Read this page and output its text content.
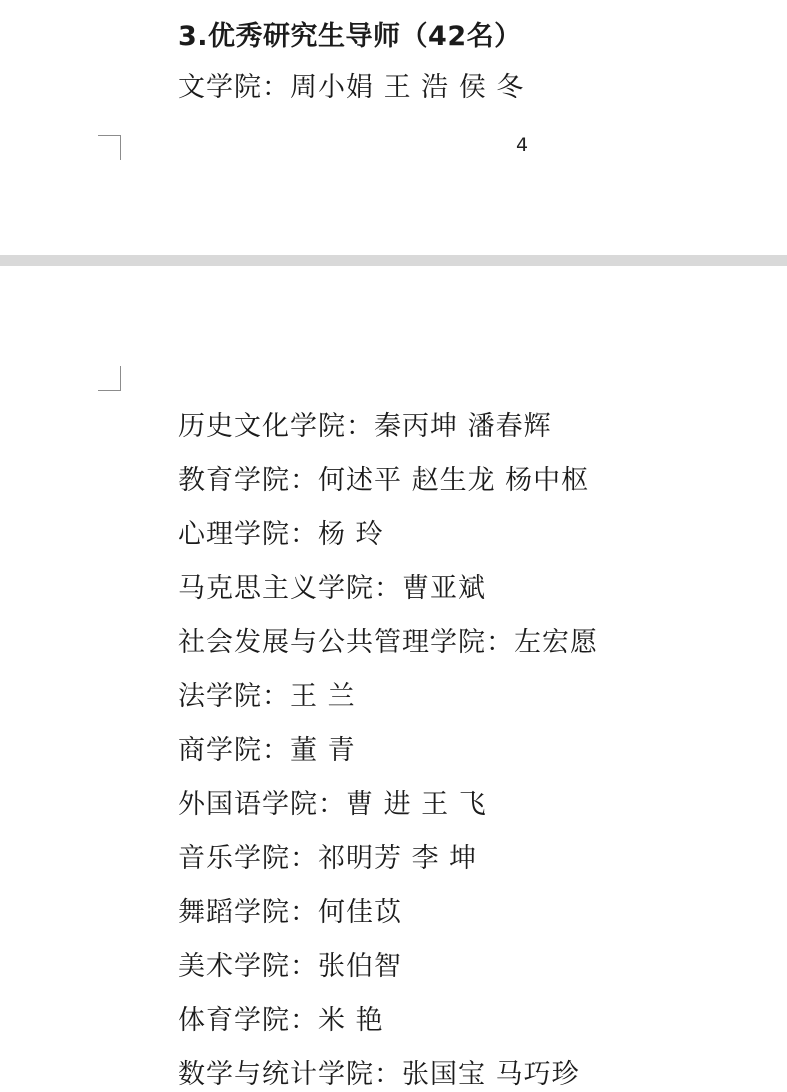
3.优秀研究生导师（42名）
文学院：周小娟 王 浩 侯 冬
4
历史文化学院：秦丙坤 潘春辉
教育学院：何述平 赵生龙 杨中枢
心理学院：杨 玲
马克思主义学院：曹亚斌
社会发展与公共管理学院：左宏愿
法学院：王 兰
商学院：董 青
外国语学院：曹 进 王 飞
音乐学院：祁明芳 李 坤
舞蹈学院：何佳苡
美术学院：张伯智
体育学院：米 艳
数学与统计学院：张国宝 马巧珍
